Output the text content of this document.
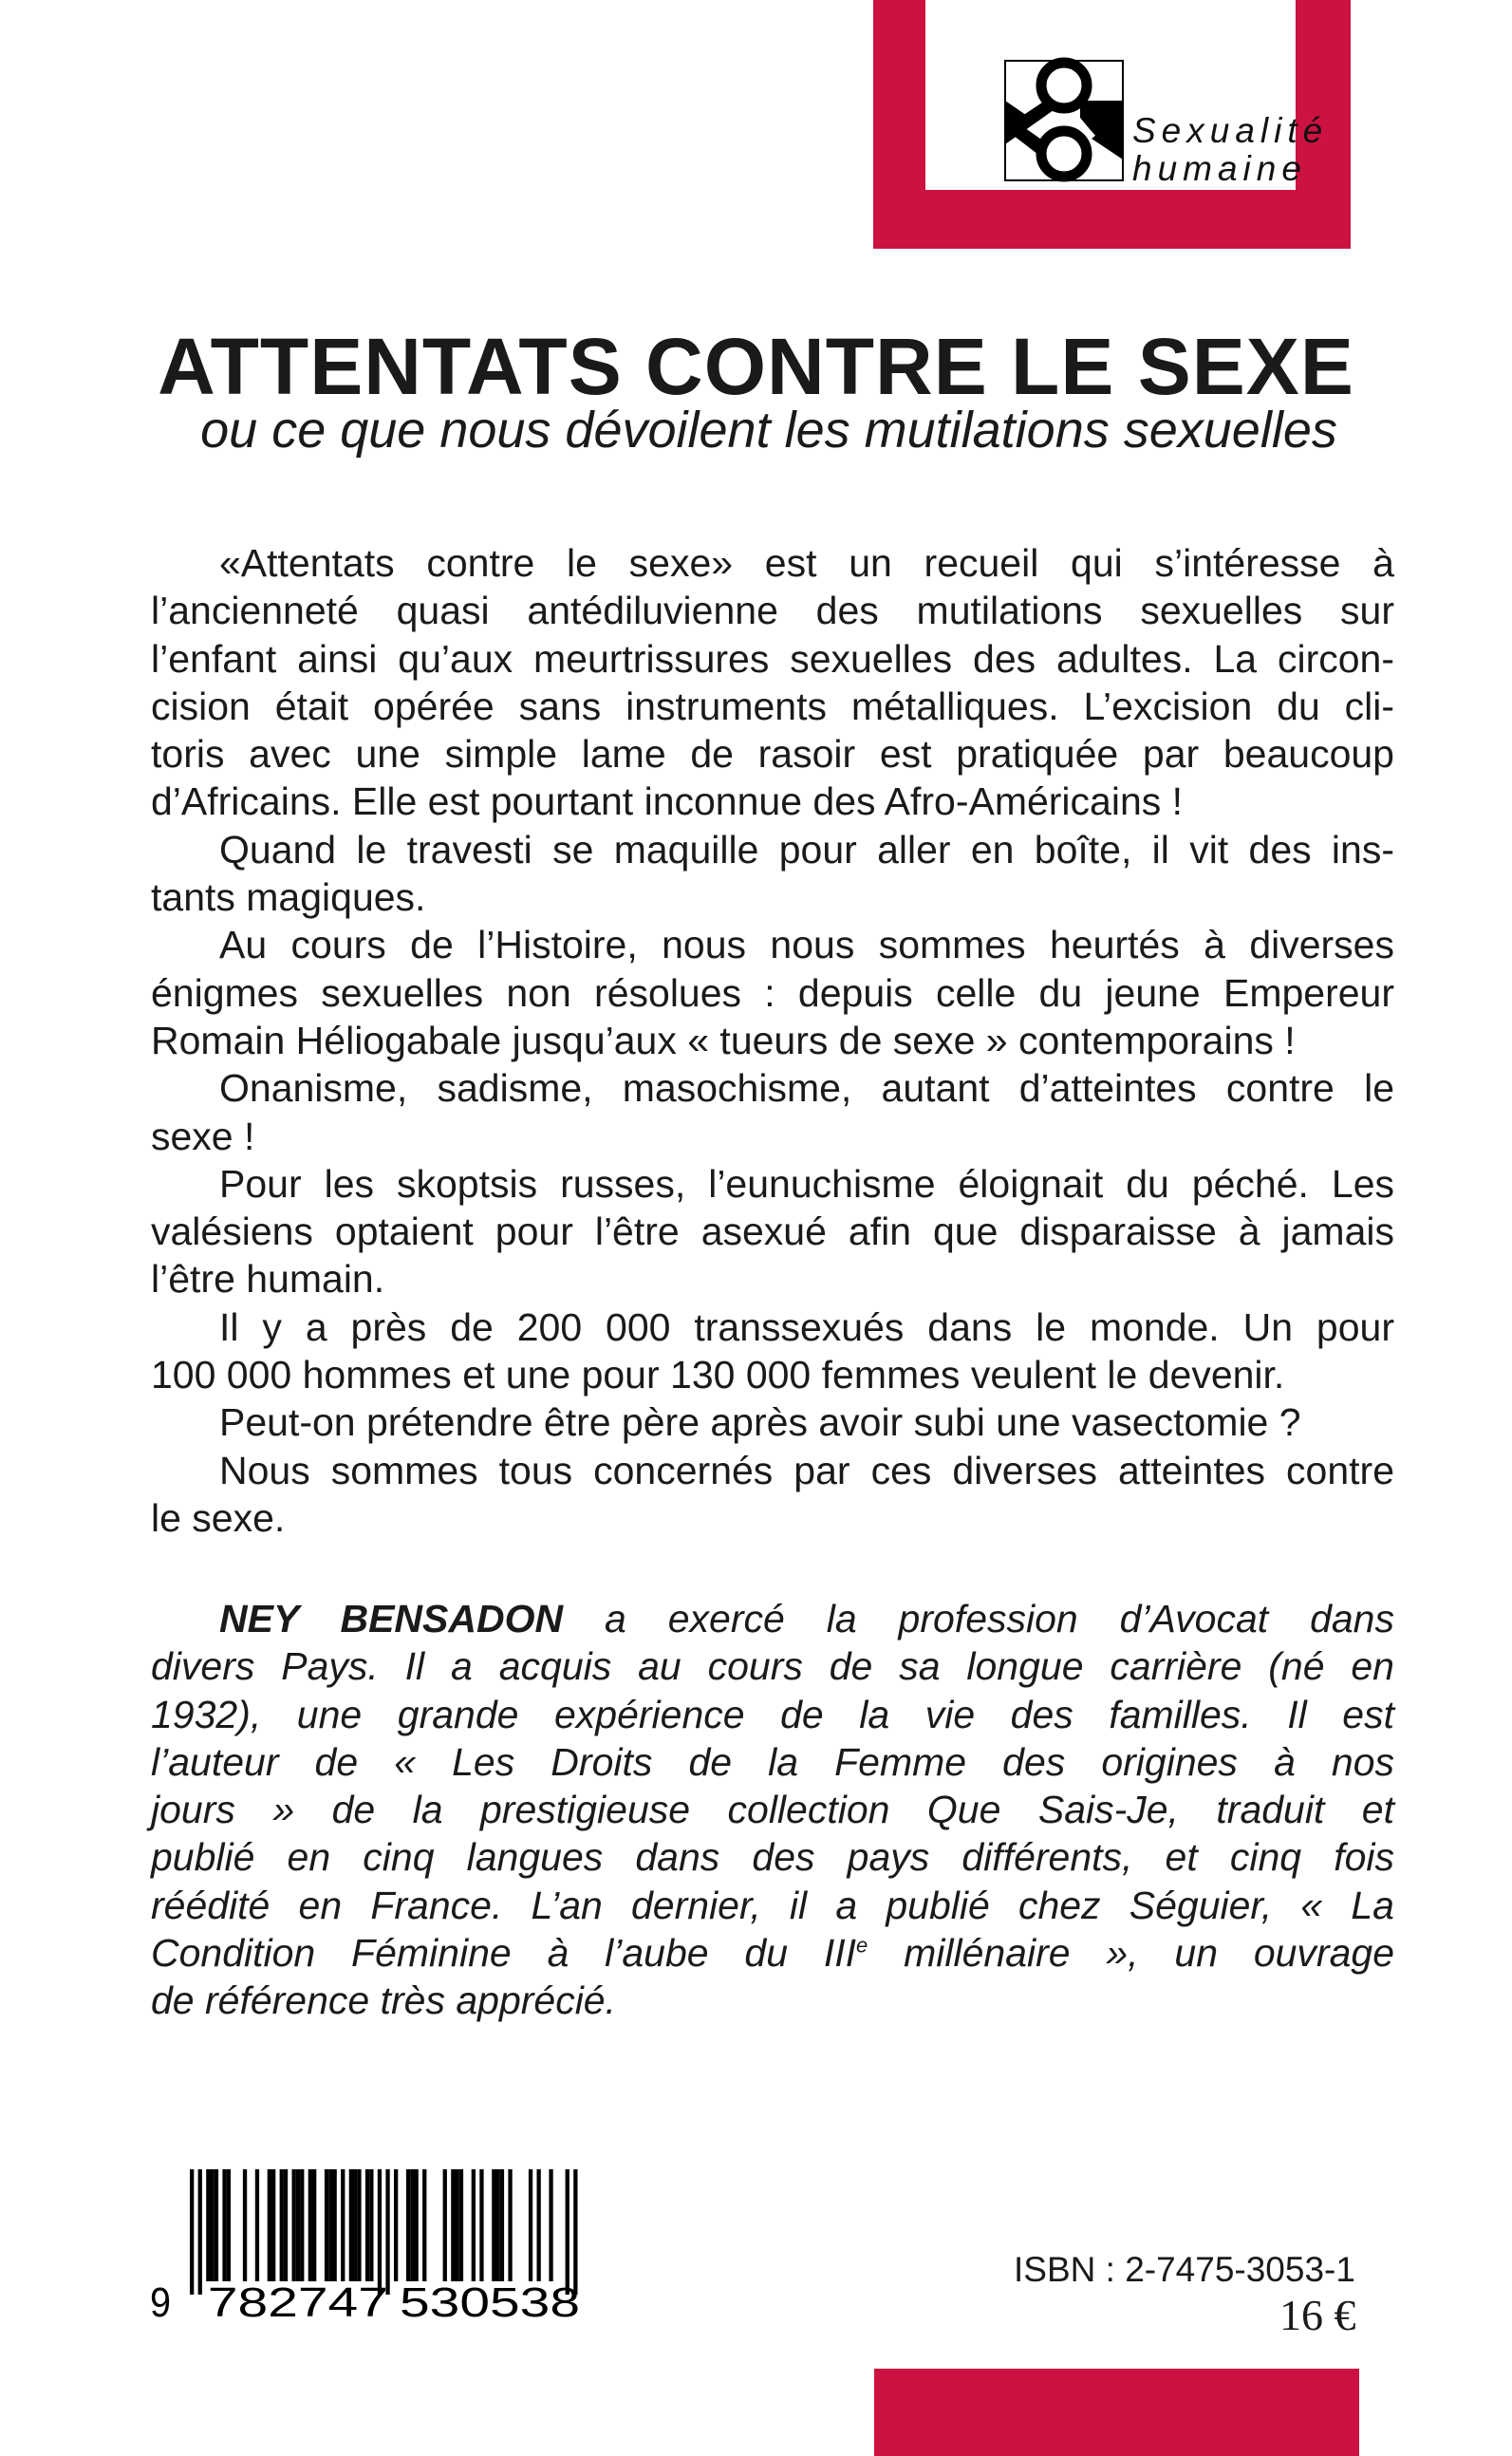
Sexualité
humaine
ATTENTATS CONTRE LE SEXE
ou ce que nous dévoilent les mutilations sexuelles
«Attentats contre le sexe» est un recueil qui s’intéresse à
l’ancienneté quasi antédiluvienne des mutilations sexuelles sur
l’enfant ainsi qu’aux meurtrissures sexuelles des adultes. La circon-
cision était opérée sans instruments métalliques. L’excision du cli-
toris avec une simple lame de rasoir est pratiquée par beaucoup
d’Africains. Elle est pourtant inconnue des Afro-Américains !
Quand le travesti se maquille pour aller en boîte, il vit des ins-
tants magiques.
Au cours de l’Histoire, nous nous sommes heurtés à diverses
énigmes sexuelles non résolues : depuis celle du jeune Empereur
Romain Héliogabale jusqu’aux « tueurs de sexe » contemporains !
Onanisme, sadisme, masochisme, autant d’atteintes contre le
sexe !
Pour les skoptsis russes, l’eunuchisme éloignait du péché. Les
valésiens optaient pour l’être asexué afin que disparaisse à jamais
l’être humain.
Il y a près de 200 000 transsexués dans le monde. Un pour
100 000 hommes et une pour 130 000 femmes veulent le devenir.
Peut-on prétendre être père après avoir subi une vasectomie ?
Nous sommes tous concernés par ces diverses atteintes contre
le sexe.
NEY BENSADON a exercé la profession d’Avocat dans
divers Pays. Il a acquis au cours de sa longue carrière (né en
1932), une grande expérience de la vie des familles. Il est
l’auteur de « Les Droits de la Femme des origines à nos
jours » de la prestigieuse collection Que Sais-Je, traduit et
publié en cinq langues dans des pays différents, et cinq fois
réédité en France. L’an dernier, il a publié chez Séguier, « La
Condition Féminine à l’aube du IIIe millénaire », un ouvrage
de référence très apprécié.
9 782747 530538
ISBN : 2-7475-3053-1
16 €
